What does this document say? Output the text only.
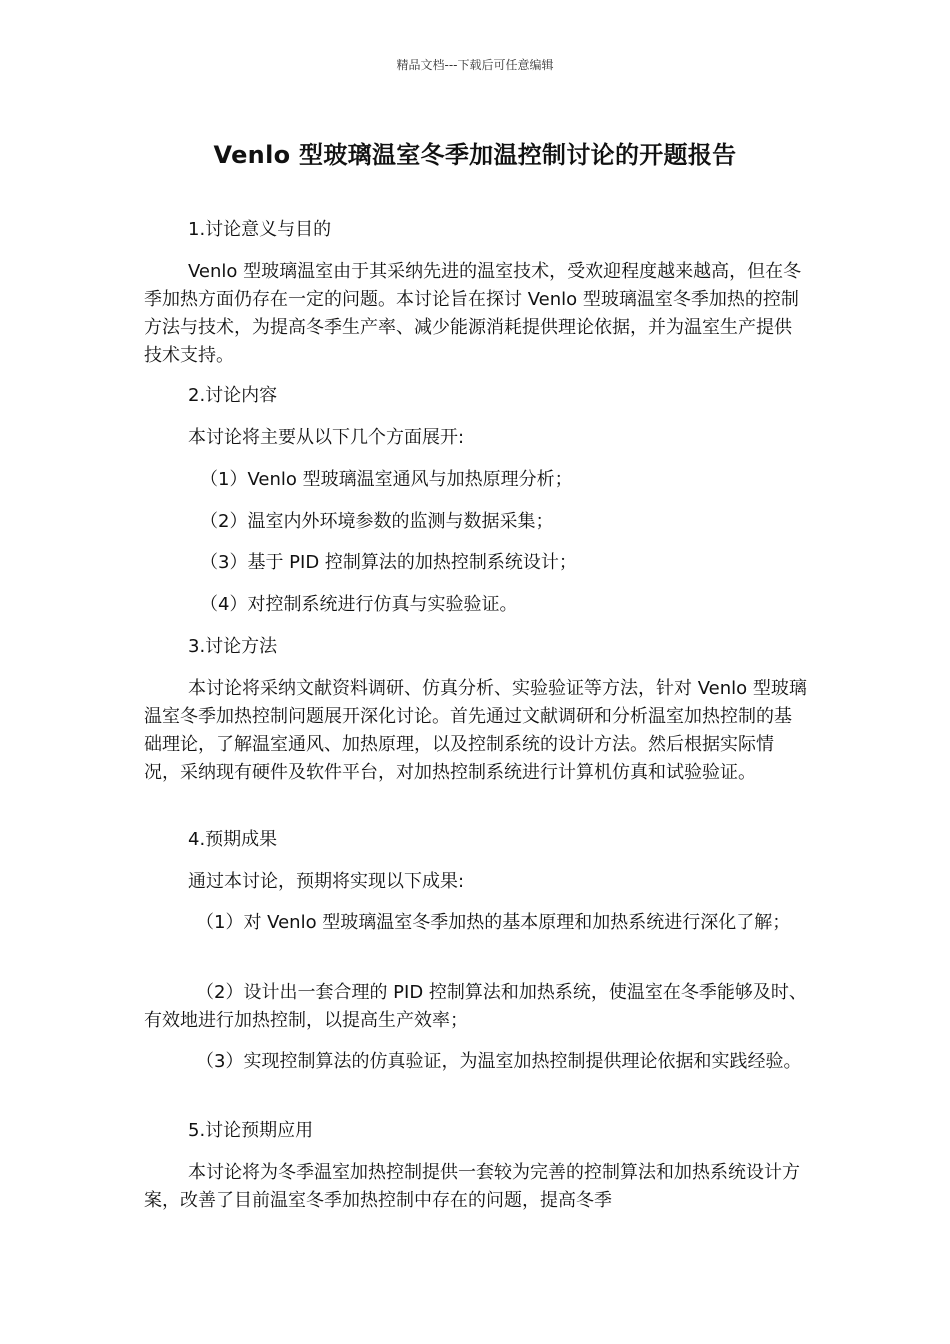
精品文档---下载后可任意编辑
Venlo 型玻璃温室冬季加温控制讨论的开题报告

1.讨论意义与目的

Venlo 型玻璃温室由于其采纳先进的温室技术，受欢迎程度越来越高，但在冬季加热方面仍存在一定的问题。本讨论旨在探讨 Venlo 型玻璃温室冬季加热的控制方法与技术，为提高冬季生产率、减少能源消耗提供理论依据，并为温室生产提供技术支持。

2.讨论内容

本讨论将主要从以下几个方面展开:

（1）Venlo 型玻璃温室通风与加热原理分析；

（2）温室内外环境参数的监测与数据采集；

（3）基于 PID 控制算法的加热控制系统设计；

（4）对控制系统进行仿真与实验验证。

3.讨论方法

本讨论将采纳文献资料调研、仿真分析、实验验证等方法，针对 Venlo 型玻璃温室冬季加热控制问题展开深化讨论。首先通过文献调研和分析温室加热控制的基础理论，了解温室通风、加热原理，以及控制系统的设计方法。然后根据实际情况，采纳现有硬件及软件平台，对加热控制系统进行计算机仿真和试验验证。

4.预期成果

通过本讨论，预期将实现以下成果:

（1）对 Venlo 型玻璃温室冬季加热的基本原理和加热系统进行深化了解；

（2）设计出一套合理的 PID 控制算法和加热系统，使温室在冬季能够及时、有效地进行加热控制，以提高生产效率；

（3）实现控制算法的仿真验证，为温室加热控制提供理论依据和实践经验。

5.讨论预期应用

本讨论将为冬季温室加热控制提供一套较为完善的控制算法和加热系统设计方案，改善了目前温室冬季加热控制中存在的问题，提高冬季
